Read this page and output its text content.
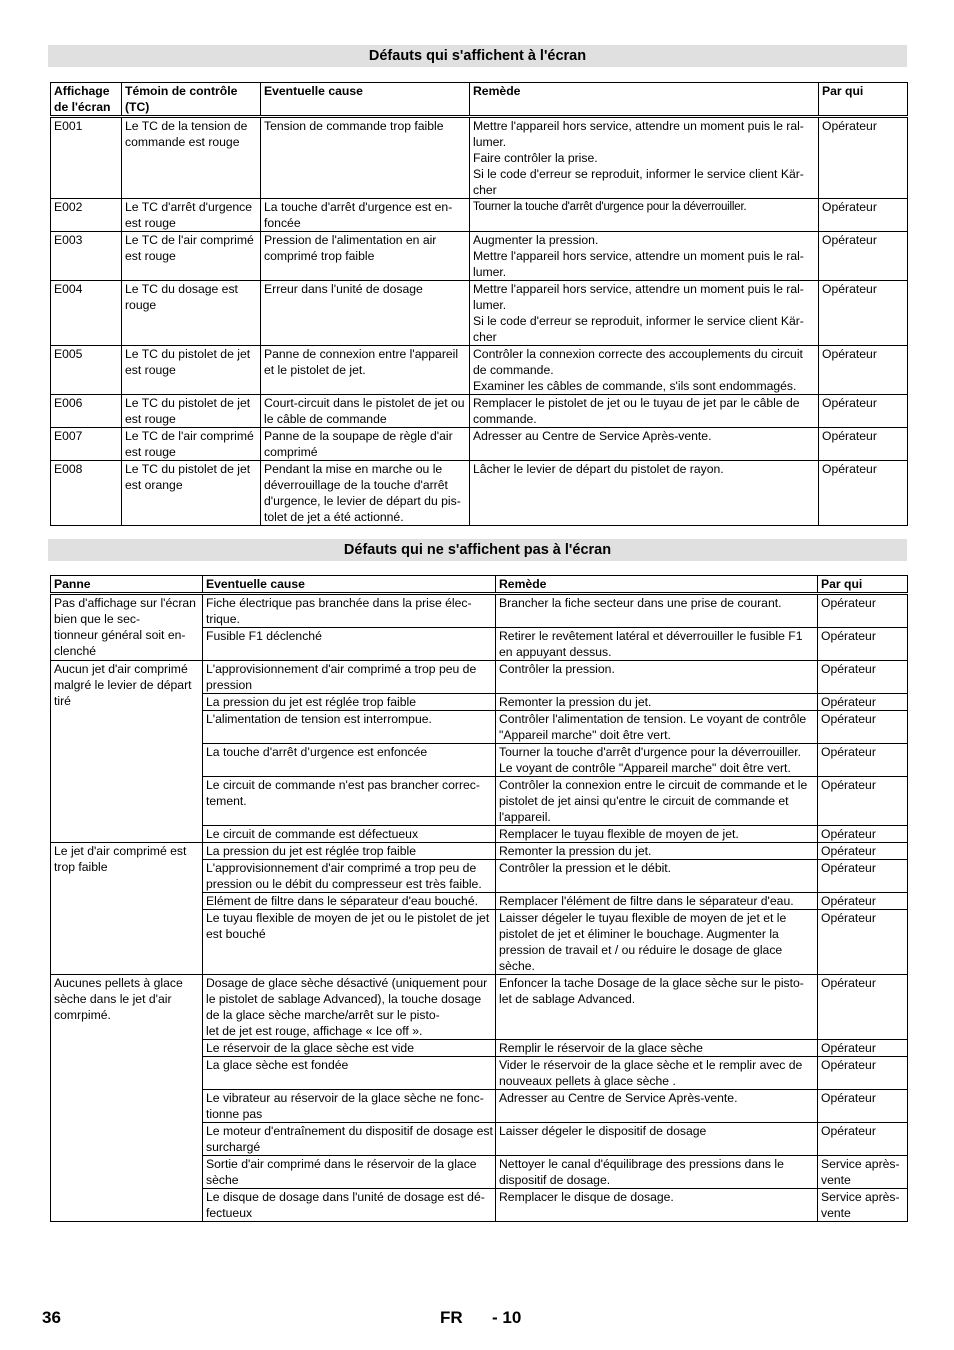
Défauts qui s'affichent à l'écran
Affichage de l'écran	Témoin de contrôle (TC)	Eventuelle cause	Remède	Par qui
E001	Le TC de la tension de commande est rouge	Tension de commande trop faible	Mettre l'appareil hors service, attendre un moment puis le ral-
lumer.
Faire contrôler la prise.
Si le code d'erreur se reproduit, informer le service client Kär-
cher	Opérateur
E002	Le TC d'arrêt d'urgence est rouge	La touche d'arrêt d'urgence est en-
foncée	Tourner la touche d'arrêt d'urgence pour la déverrouiller.	Opérateur
E003	Le TC de l'air comprimé est rouge	Pression de l'alimentation en air comprimé trop faible	Augmenter la pression.
Mettre l'appareil hors service, attendre un moment puis le ral-
lumer.	Opérateur
E004	Le TC du dosage est rouge	Erreur dans l'unité de dosage	Mettre l'appareil hors service, attendre un moment puis le ral-
lumer.
Si le code d'erreur se reproduit, informer le service client Kär-
cher	Opérateur
E005	Le TC du pistolet de jet est rouge	Panne de connexion entre l'appareil et le pistolet de jet.	Contrôler la connexion correcte des accouplements du circuit de commande.
Examiner les câbles de commande, s'ils sont endommagés.	Opérateur
E006	Le TC du pistolet de jet est rouge	Court-circuit dans le pistolet de jet ou le câble de commande	Remplacer le pistolet de jet ou le tuyau de jet par le câble de commande.	Opérateur
E007	Le TC de l'air comprimé est rouge	Panne de la soupape de règle d'air comprimé	Adresser au Centre de Service Après-vente.	Opérateur
E008	Le TC du pistolet de jet est orange	Pendant la mise en marche ou le déverrouillage de la touche d'arrêt d'urgence, le levier de départ du pis-
tolet de jet a été actionné.	Lâcher le levier de départ du pistolet de rayon.	Opérateur
Défauts qui ne s'affichent pas à l'écran
Panne	Eventuelle cause	Remède	Par qui
Pas d'affichage sur l'écran bien que le sec-
tionneur général soit en-
clenché	Fiche électrique pas branchée dans la prise élec-
trique.	Brancher la fiche secteur dans une prise de courant.	Opérateur
	Fusible F1 déclenché	Retirer le revêtement latéral et déverrouiller le fusible F1 en appuyant dessus.	Opérateur
Aucun jet d'air comprimé malgré le levier de départ tiré	L'approvisionnement d'air comprimé a trop peu de pression	Contrôler la pression.	Opérateur
	La pression du jet est réglée trop faible	Remonter la pression du jet.	Opérateur
	L'alimentation de tension est interrompue.	Contrôler l'alimentation de tension. Le voyant de contrôle "Appareil marche" doit être vert.	Opérateur
	La touche d'arrêt d’urgence est enfoncée	Tourner la touche d'arrêt d'urgence pour la déverrouiller. Le voyant de contrôle "Appareil marche" doit être vert.	Opérateur
	Le circuit de commande n'est pas brancher correc-
tement.	Contrôler la connexion entre le circuit de commande et le pistolet de jet ainsi qu'entre le circuit de commande et l'appareil.	Opérateur
	Le circuit de commande est défectueux	Remplacer le tuyau flexible de moyen de jet.	Opérateur
Le jet d'air comprimé est trop faible	La pression du jet est réglée trop faible	Remonter la pression du jet.	Opérateur
	L'approvisionnement d'air comprimé a trop peu de pression ou le débit du compresseur est très faible.	Contrôler la pression et le débit.	Opérateur
	Elément de filtre dans le séparateur d'eau bouché.	Remplacer l'élément de filtre dans le séparateur d'eau.	Opérateur
	Le tuyau flexible de moyen de jet ou le pistolet de jet est bouché	Laisser dégeler le tuyau flexible de moyen de jet et le pistolet de jet et éliminer le bouchage. Augmenter la pression de travail et / ou réduire le dosage de glace sèche.	Opérateur
Aucunes pellets à glace sèche dans le jet d'air comrpimé.	Dosage de glace sèche désactivé (uniquement pour le pistolet de sablage Advanced), la touche dosage de la glace sèche marche/arrêt sur le pisto-
let de jet est rouge, affichage « Ice off ».	Enfoncer la tache Dosage de la glace sèche sur le pisto-
let de sablage Advanced.	Opérateur
	Le réservoir de la glace sèche est vide	Remplir le réservoir de la glace sèche	Opérateur
	La glace sèche est fondée	Vider le réservoir de la glace sèche et le remplir avec de nouveaux pellets à glace sèche .	Opérateur
	Le vibrateur au réservoir de la glace sèche ne fonc-
tionne pas	Adresser au Centre de Service Après-vente.	Opérateur
	Le moteur d'entraînement du dispositif de dosage est surchargé	Laisser dégeler le dispositif de dosage	Opérateur
	Sortie d'air comprimé dans le réservoir de la glace sèche	Nettoyer le canal d'équilibrage des pressions dans le dispositif de dosage.	Service après-
vente
	Le disque de dosage dans l'unité de dosage est dé-
fectueux	Remplacer le disque de dosage.	Service après-
vente
36	FR - 10
